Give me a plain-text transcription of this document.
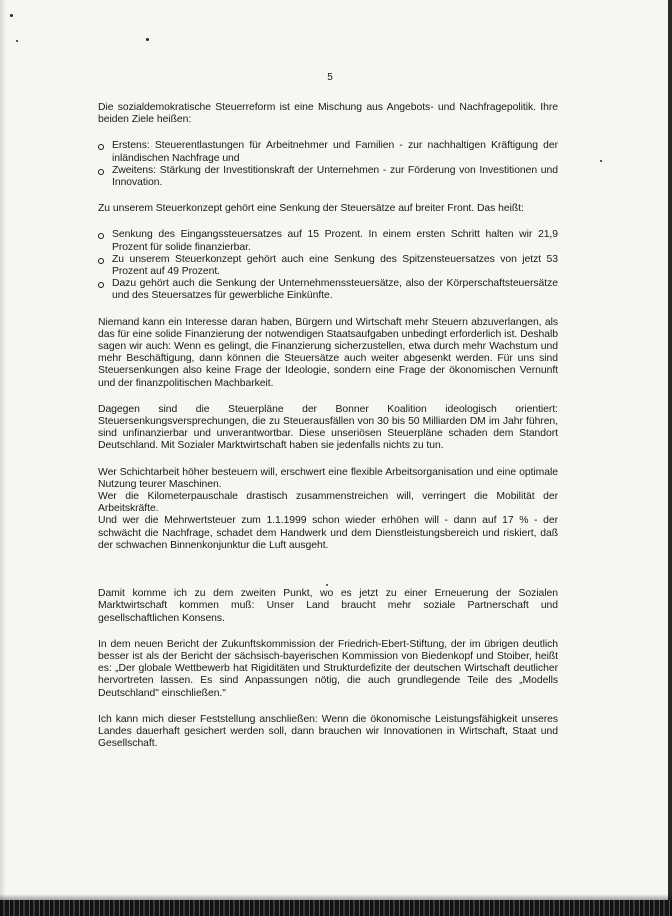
5

Die sozialdemokratische Steuerreform ist eine Mischung aus Angebots- und Nachfragepolitik. Ihre beiden Ziele heißen:

Erstens: Steuerentlastungen für Arbeitnehmer und Familien - zur nachhaltigen Kräftigung der inländischen Nachfrage und
Zweitens: Stärkung der Investitionskraft der Unternehmen - zur Förderung von Investitionen und Innovation.

Zu unserem Steuerkonzept gehört eine Senkung der Steuersätze auf breiter Front. Das heißt:

Senkung des Eingangssteuersatzes auf 15 Prozent. In einem ersten Schritt halten wir 21,9 Prozent für solide finanzierbar.
Zu unserem Steuerkonzept gehört auch eine Senkung des Spitzensteuersatzes von jetzt 53 Prozent auf 49 Prozent.
Dazu gehört auch die Senkung der Unternehmenssteuersätze, also der Körperschaftsteuersätze und des Steuersatzes für gewerbliche Einkünfte.

Niemand kann ein Interesse daran haben, Bürgern und Wirtschaft mehr Steuern abzuverlangen, als das für eine solide Finanzierung der notwendigen Staatsaufgaben unbedingt erforderlich ist. Deshalb sagen wir auch: Wenn es gelingt, die Finanzierung sicherzustellen, etwa durch mehr Wachstum und mehr Beschäftigung, dann können die Steuersätze auch weiter abgesenkt werden. Für uns sind Steuersenkungen also keine Frage der Ideologie, sondern eine Frage der ökonomischen Vernunft und der finanzpolitischen Machbarkeit.

Dagegen sind die Steuerpläne der Bonner Koalition ideologisch orientiert: Steuersenkungsversprechungen, die zu Steuerausfällen von 30 bis 50 Milliarden DM im Jahr führen, sind unfinanzierbar und unverantwortbar. Diese unseriösen Steuerpläne schaden dem Standort Deutschland. Mit Sozialer Marktwirtschaft haben sie jedenfalls nichts zu tun.

Wer Schichtarbeit höher besteuern will, erschwert eine flexible Arbeitsorganisation und eine optimale Nutzung teurer Maschinen.
Wer die Kilometerpauschale drastisch zusammenstreichen will, verringert die Mobilität der Arbeitskräfte.
Und wer die Mehrwertsteuer zum 1.1.1999 schon wieder erhöhen will - dann auf 17 % - der schwächt die Nachfrage, schadet dem Handwerk und dem Dienstleistungsbereich und riskiert, daß der schwachen Binnenkonjunktur die Luft ausgeht.

Damit komme ich zu dem zweiten Punkt, wo es jetzt zu einer Erneuerung der Sozialen Marktwirtschaft kommen muß: Unser Land braucht mehr soziale Partnerschaft und gesellschaftlichen Konsens.

In dem neuen Bericht der Zukunftskommission der Friedrich-Ebert-Stiftung, der im übrigen deutlich besser ist als der Bericht der sächsisch-bayerischen Kommission von Biedenkopf und Stoiber, heißt es: „Der globale Wettbewerb hat Rigiditäten und Strukturdefizite der deutschen Wirtschaft deutlicher hervortreten lassen. Es sind Anpassungen nötig, die auch grundlegende Teile des „Modells Deutschland" einschließen."

Ich kann mich dieser Feststellung anschließen: Wenn die ökonomische Leistungsfähigkeit unseres Landes dauerhaft gesichert werden soll, dann brauchen wir Innovationen in Wirtschaft, Staat und Gesellschaft.
